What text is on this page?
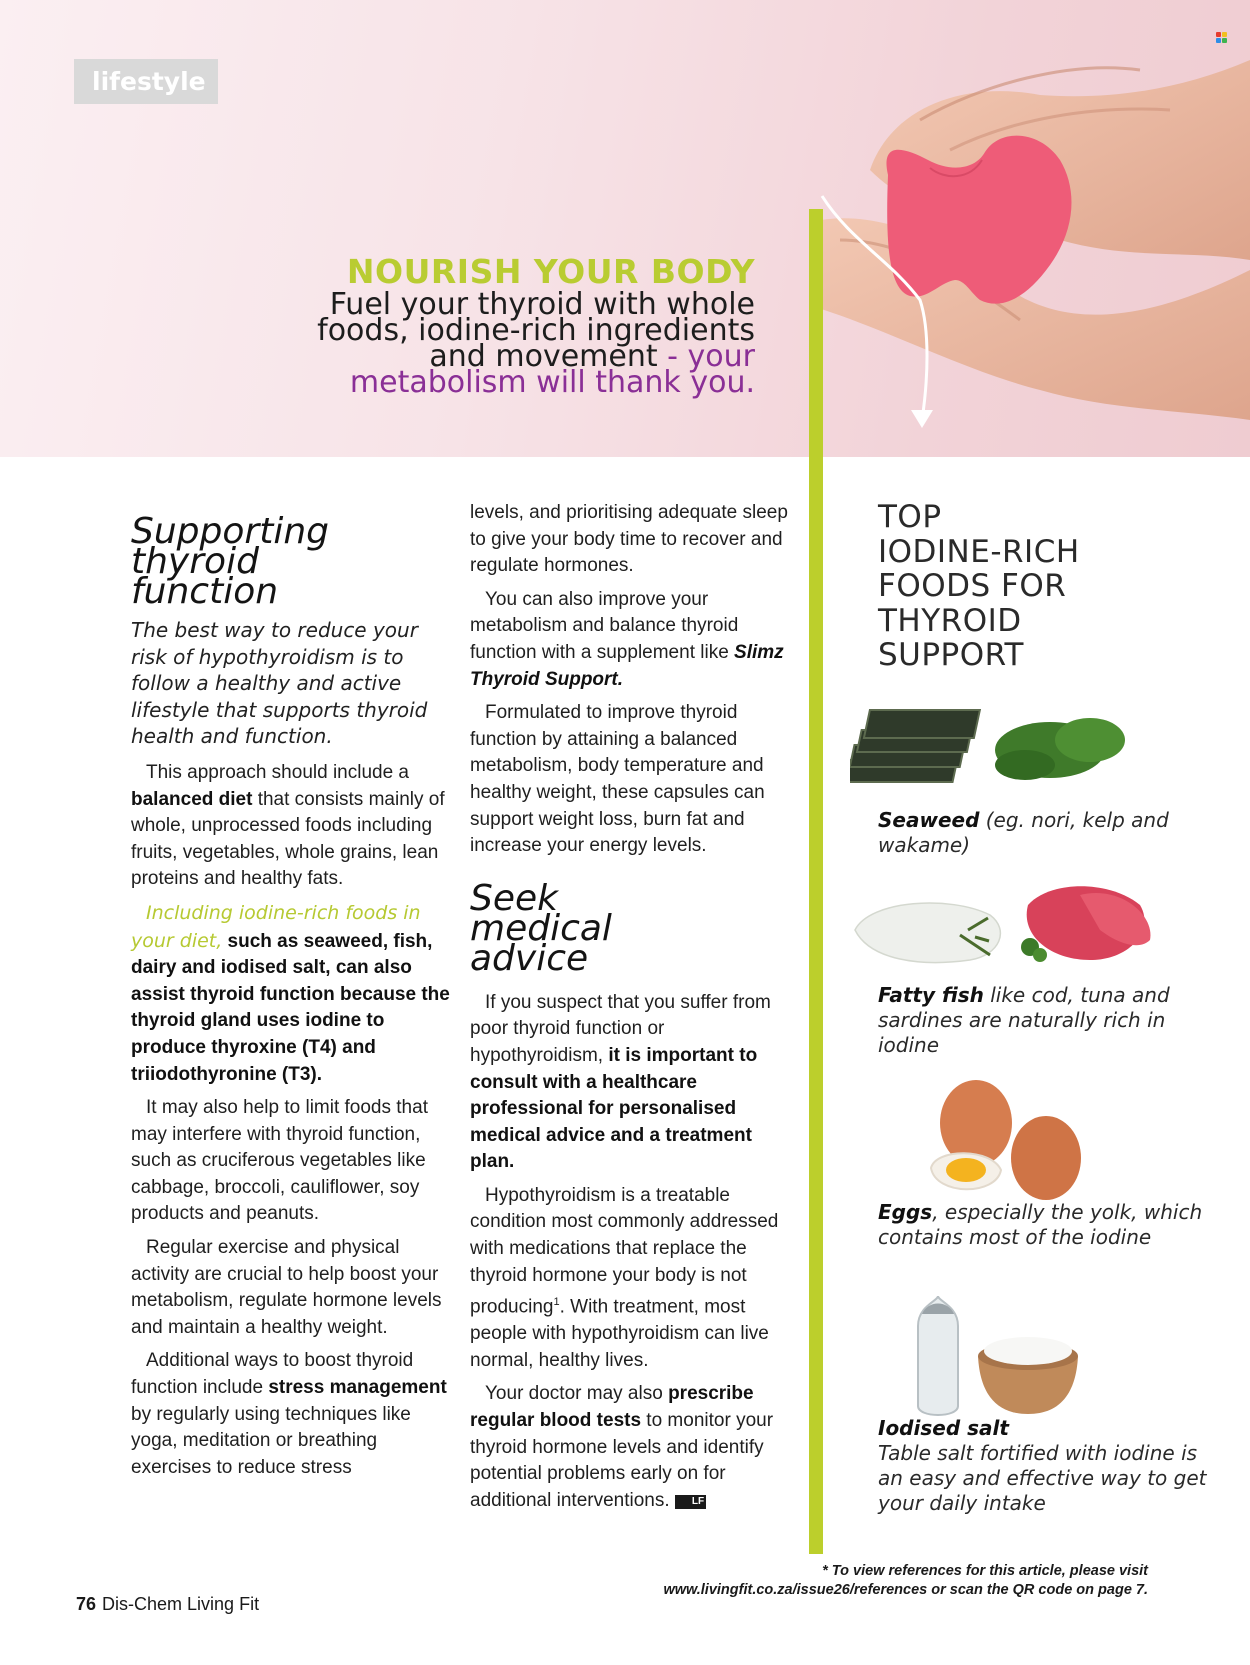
lifestyle
NOURISH YOUR BODY
Fuel your thyroid with whole
foods, iodine-rich ingredients
and movement - your
metabolism will thank you.
Supporting
thyroid
function
The best way to reduce your risk of hypothyroidism is to follow a healthy and active lifestyle that supports thyroid health and function.

This approach should include a balanced diet that consists mainly of whole, unprocessed foods including fruits, vegetables, whole grains, lean proteins and healthy fats.

Including iodine-rich foods in your diet, such as seaweed, fish, dairy and iodised salt, can also assist thyroid function because the thyroid gland uses iodine to produce thyroxine (T4) and triiodothyronine (T3).

It may also help to limit foods that may interfere with thyroid function, such as cruciferous vegetables like cabbage, broccoli, cauliflower, soy products and peanuts.

Regular exercise and physical activity are crucial to help boost your metabolism, regulate hormone levels and maintain a healthy weight.

Additional ways to boost thyroid function include stress management by regularly using techniques like yoga, meditation or breathing exercises to reduce stress

levels, and prioritising adequate sleep to give your body time to recover and regulate hormones.

You can also improve your metabolism and balance thyroid function with a supplement like Slimz Thyroid Support.

Formulated to improve thyroid function by attaining a balanced metabolism, body temperature and healthy weight, these capsules can support weight loss, burn fat and increase your energy levels.

Seek
medical
advice

If you suspect that you suffer from poor thyroid function or hypothyroidism, it is important to consult with a healthcare professional for personalised medical advice and a treatment plan.

Hypothyroidism is a treatable condition most commonly addressed with medications that replace the thyroid hormone your body is not producing$^1$. With treatment, most people with hypothyroidism can live normal, healthy lives.

Your doctor may also prescribe regular blood tests to monitor your thyroid hormone levels and identify potential problems early on for additional interventions. LF

TOP
IODINE-RICH
FOODS FOR
THYROID
SUPPORT
Seaweed (eg. nori, kelp and wakame)
Fatty fish like cod, tuna and sardines are naturally rich in iodine
Eggs, especially the yolk, which contains most of the iodine
Iodised salt
Table salt fortified with iodine is an easy and effective way to get your daily intake
* To view references for this article, please visit
www.livingfit.co.za/issue26/references or scan the QR code on page 7.
76 Dis-Chem Living Fit
